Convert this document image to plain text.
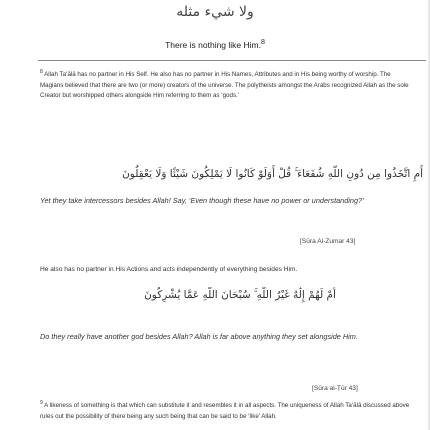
ولا شيء مثله
There is nothing like Him.$^8$
$^8$ Allah Ta‘ālā has no partner in His Self. He also has no partner in His Names, Attributes and in His being worthy of worship. The Magians believed that there are two (or more) creators of the universe. The polytheists amongst the Arabs recognized Allah as the sole Creator but worshipped others alongside Him referring to them as ‘gods.’
أَمِ اتَّخَذُوا مِن دُونِ اللَّهِ شُفَعَاءَ ۚ قُلْ أَوَلَوْ كَانُوا لَا يَمْلِكُونَ شَيْئًا وَلَا يَعْقِلُونَ
Yet they take intercessors besides Allah! Say, ‘Even though these have no power or understanding?’
[Sūra Al-Zumar 43]
He also has no partner in His Actions and acts independently of everything besides Him.
أَمْ لَهُمْ إِلَٰهٌ غَيْرُ اللَّهِ ۚ سُبْحَانَ اللَّهِ عَمَّا يُشْرِكُونَ
Do they really have another god besides Allah? Allah is far above anything they set alongside Him.
[Sūra al-Ṭūr 43]
$^9$ A likeness of something is that which can substitute it and resembles it in all aspects. The uniqueness of Allah Ta‘ālā discussed above rules out the possibility of there being any such being that can be said to be ‘like’ Allah.
